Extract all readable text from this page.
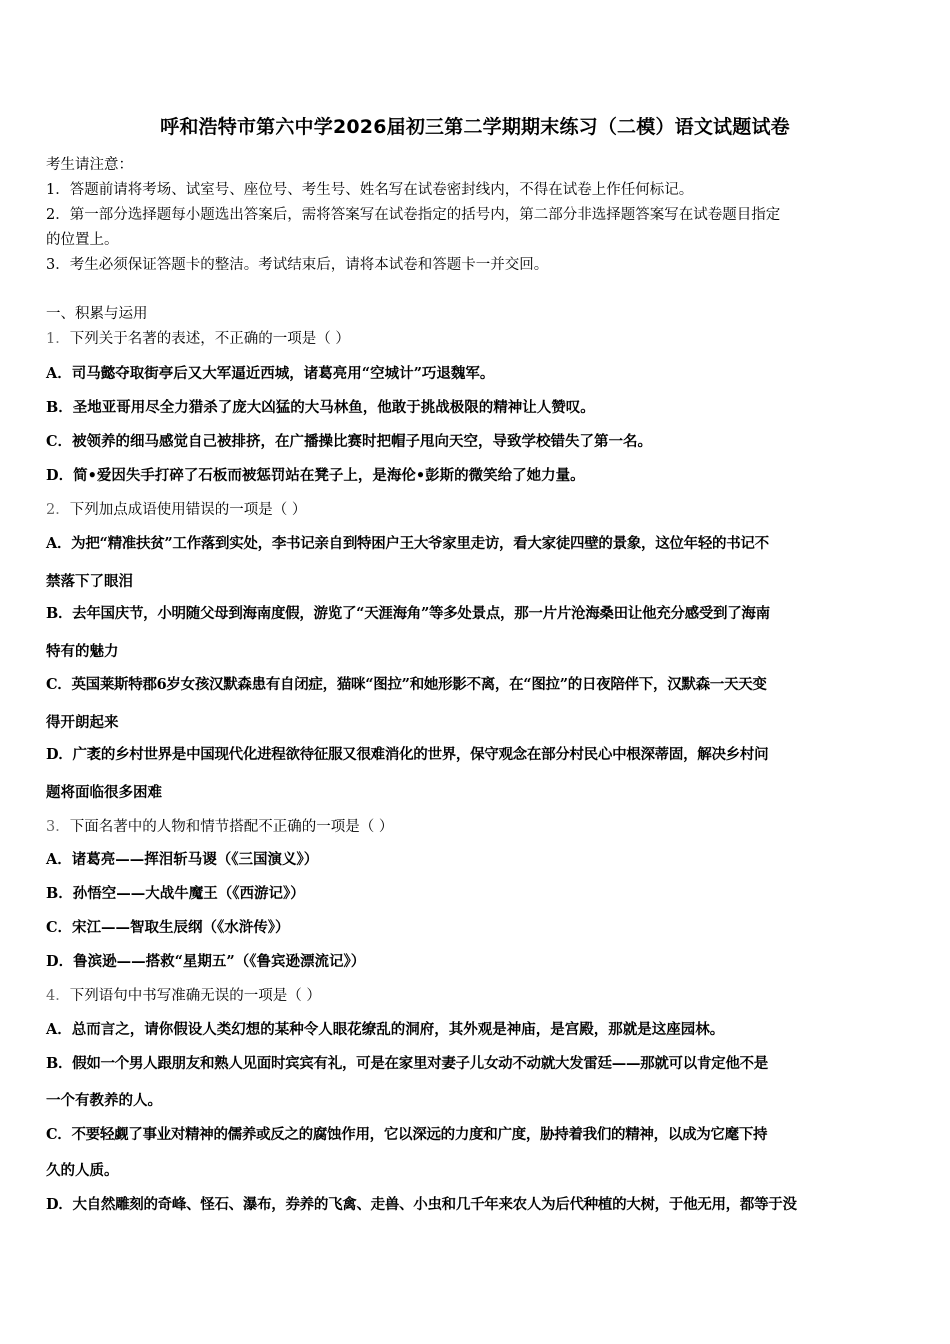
呼和浩特市第六中学2026届初三第二学期期末练习（二模）语文试题试卷
考生请注意：
1．答题前请将考场、试室号、座位号、考生号、姓名写在试卷密封线内，不得在试卷上作任何标记。
2．第一部分选择题每小题选出答案后，需将答案写在试卷指定的括号内，第二部分非选择题答案写在试卷题目指定
的位置上。
3．考生必须保证答题卡的整洁。考试结束后，请将本试卷和答题卡一并交回。
一、积累与运用
1．下列关于名著的表述，不正确的一项是（ ）
A．司马懿夺取街亭后又大军逼近西城，诸葛亮用“空城计”巧退魏军。
B．圣地亚哥用尽全力猎杀了庞大凶猛的大马林鱼，他敢于挑战极限的精神让人赞叹。
C．被领养的细马感觉自己被排挤，在广播操比赛时把帽子甩向天空，导致学校错失了第一名。
D．简•爱因失手打碎了石板而被惩罚站在凳子上，是海伦•彭斯的微笑给了她力量。
2．下列加点成语使用错误的一项是（ ）
A．为把“精准扶贫”工作落到实处，李书记亲自到特困户王大爷家里走访，看大家徒四壁的景象，这位年轻的书记不
禁落下了眼泪
B．去年国庆节，小明随父母到海南度假，游览了“天涯海角”等多处景点，那一片片沧海桑田让他充分感受到了海南
特有的魅力
C．英国莱斯特郡6岁女孩汉默森患有自闭症，猫咪“图拉”和她形影不离，在“图拉”的日夜陪伴下，汉默森一天天变
得开朗起来
D．广袤的乡村世界是中国现代化进程欲待征服又很难消化的世界，保守观念在部分村民心中根深蒂固，解决乡村问
题将面临很多困难
3．下面名著中的人物和情节搭配不正确的一项是（ ）
A．诸葛亮——挥泪斩马谡（《三国演义》）
B．孙悟空——大战牛魔王（《西游记》）
C．宋江——智取生辰纲（《水浒传》）
D．鲁滨逊——搭救“星期五”（《鲁宾逊漂流记》）
4．下列语句中书写准确无误的一项是（ ）
A．总而言之，请你假设人类幻想的某种令人眼花缭乱的洞府，其外观是神庙，是宫殿，那就是这座园林。
B．假如一个男人跟朋友和熟人见面时宾宾有礼，可是在家里对妻子儿女动不动就大发雷廷——那就可以肯定他不是
一个有教养的人。
C．不要轻觑了事业对精神的儒养或反之的腐蚀作用，它以深远的力度和广度，胁持着我们的精神，以成为它麾下持
久的人质。
D．大自然雕刻的奇峰、怪石、瀑布，券养的飞禽、走兽、小虫和几千年来农人为后代种植的大树，于他无用，都等于没
